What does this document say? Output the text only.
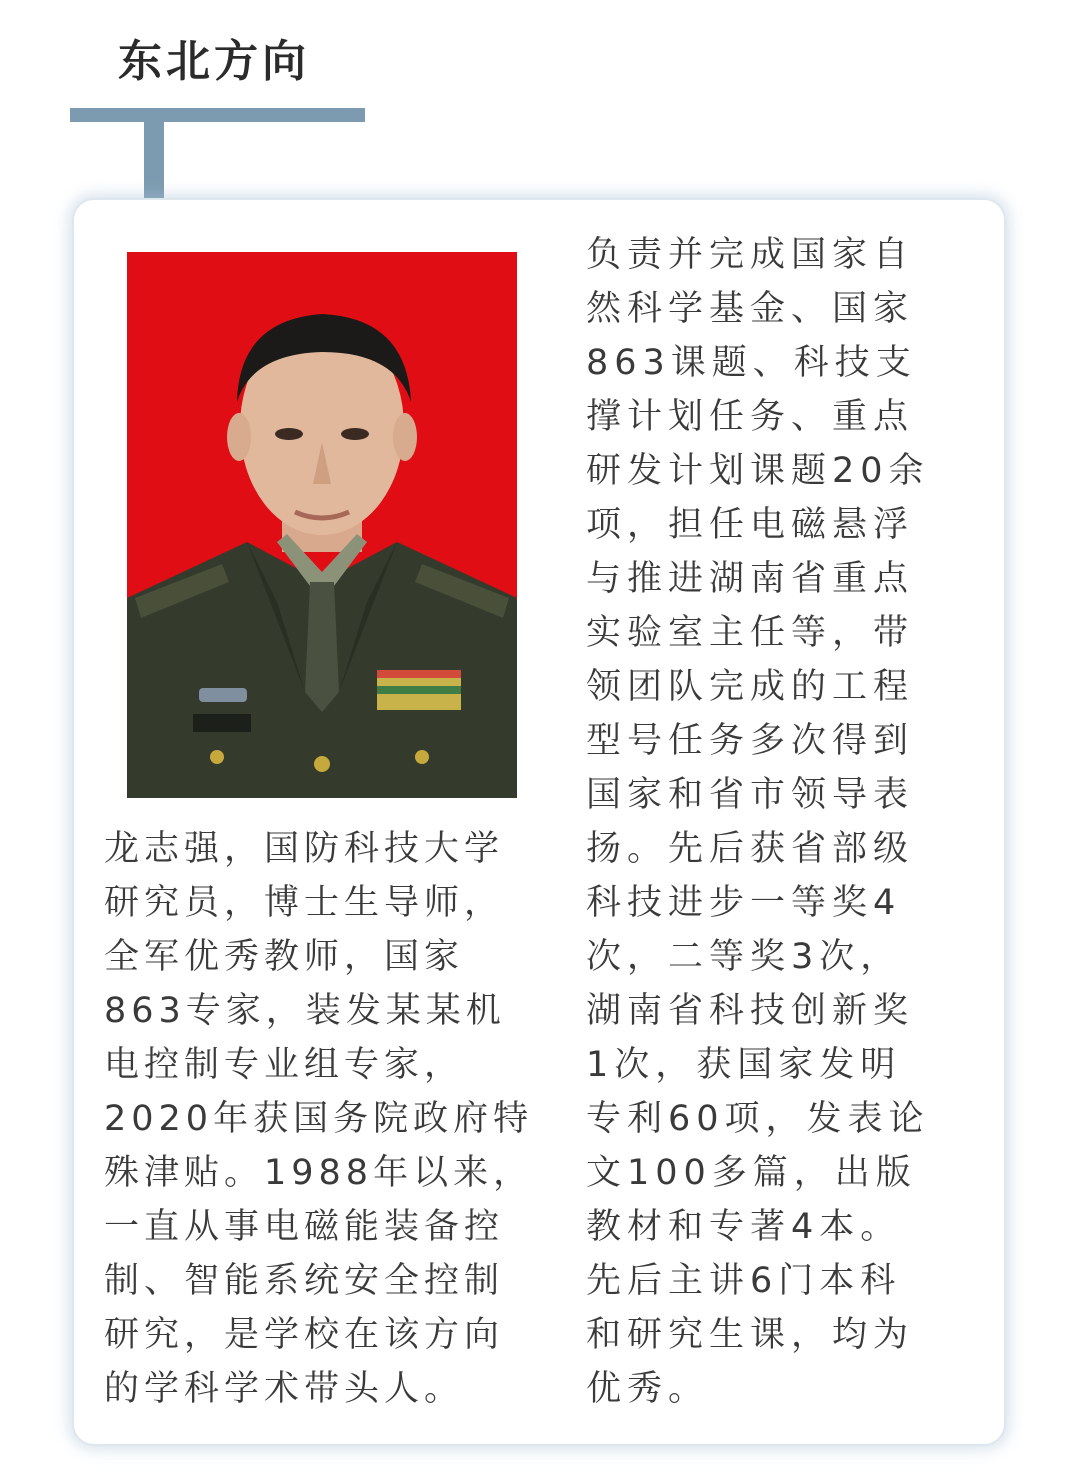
东北方向

龙志强，国防科技大学
研究员，博士生导师，
全军优秀教师，国家
863专家，装发某某机
电控制专业组专家，
2020年获国务院政府特
殊津贴。1988年以来，
一直从事电磁能装备控
制、智能系统安全控制
研究，是学校在该方向
的学科学术带头人。

负责并完成国家自
然科学基金、国家
863课题、科技支
撑计划任务、重点
研发计划课题20余
项，担任电磁悬浮
与推进湖南省重点
实验室主任等，带
领团队完成的工程
型号任务多次得到
国家和省市领导表
扬。先后获省部级
科技进步一等奖4
次，二等奖3次，
湖南省科技创新奖
1次，获国家发明
专利60项，发表论
文100多篇，出版
教材和专著4本。
先后主讲6门本科
和研究生课，均为
优秀。
